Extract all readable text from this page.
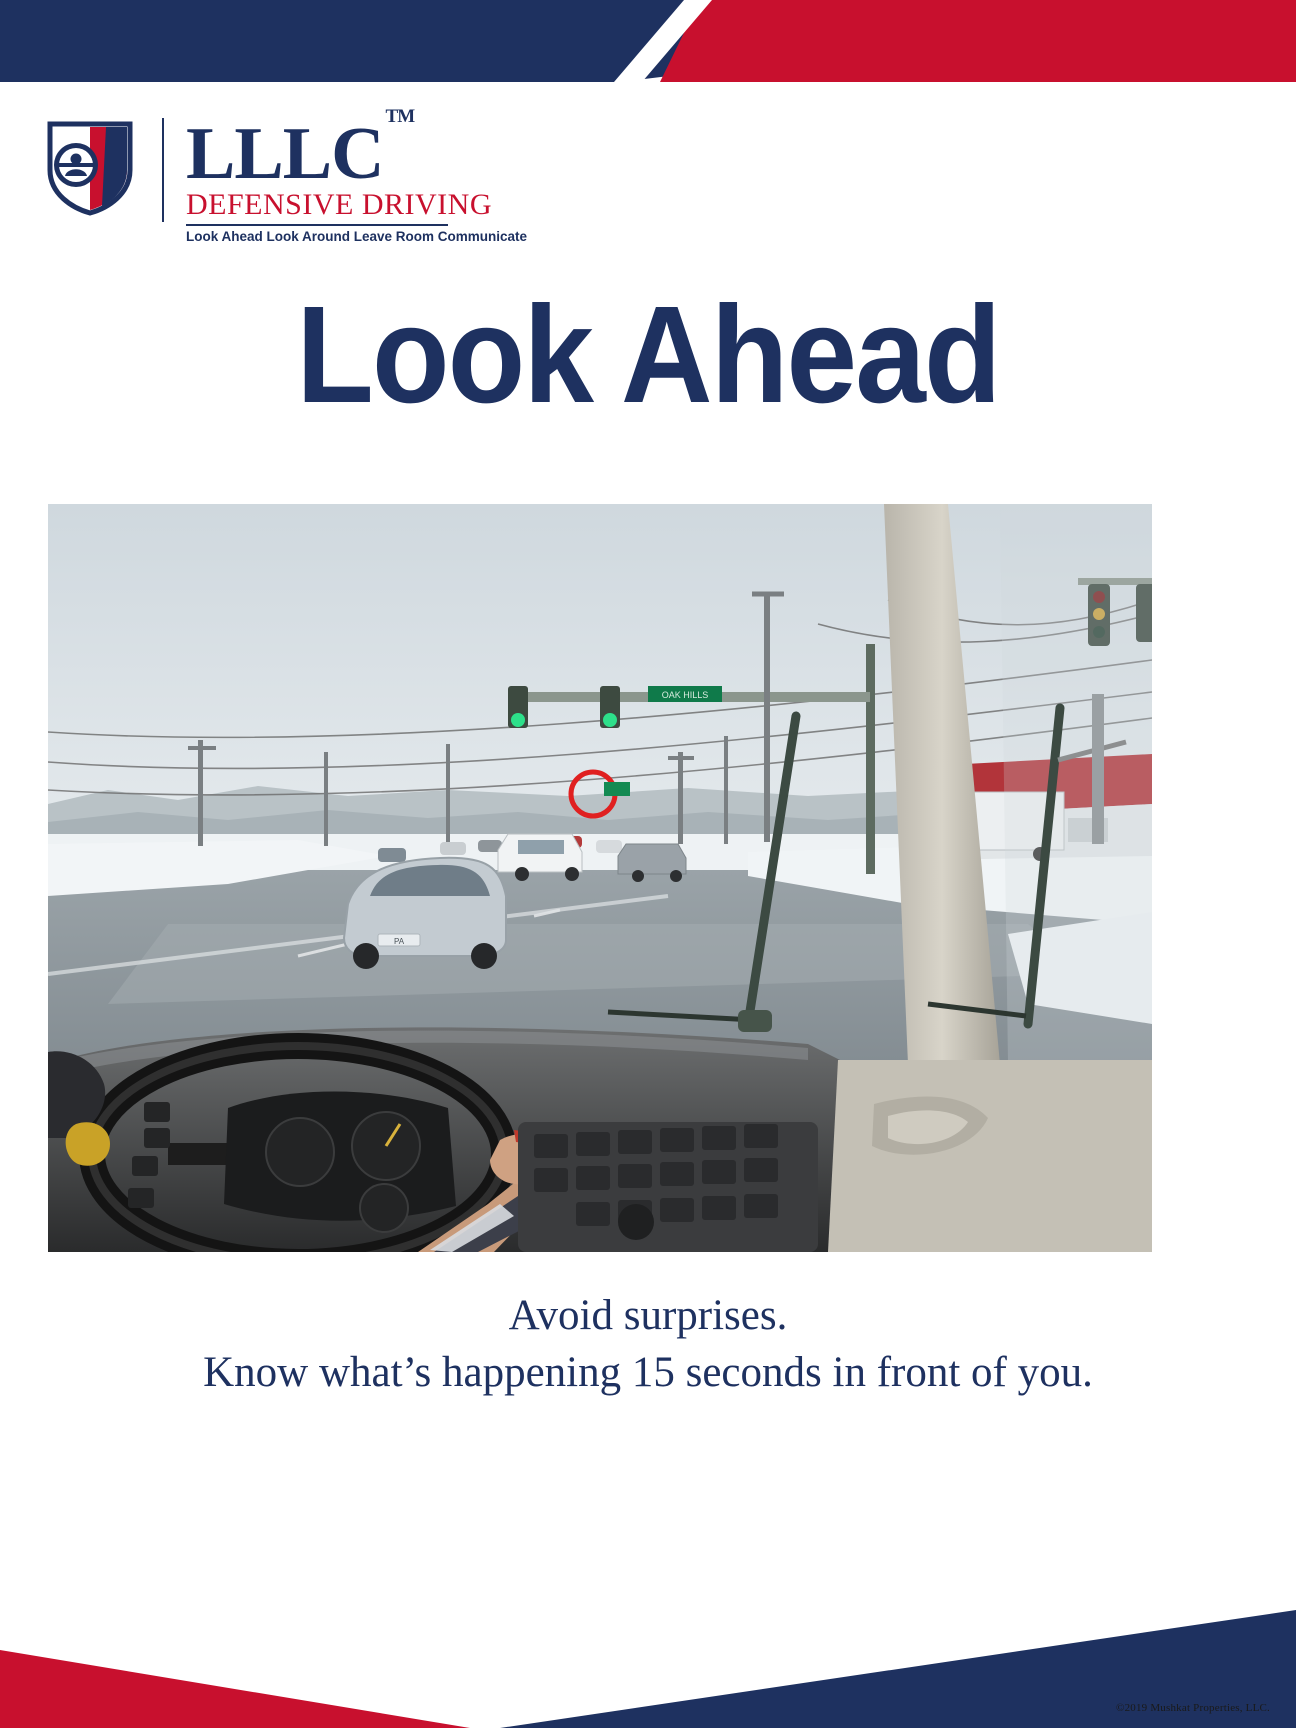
LLLC ™
DEFENSIVE DRIVING
Look Ahead Look Around Leave Room Communicate
Look Ahead
OAK HILLS
PA
Avoid surprises.
Know what’s happening 15 seconds in front of you.
©2019 Mushkat Properties, LLC.
